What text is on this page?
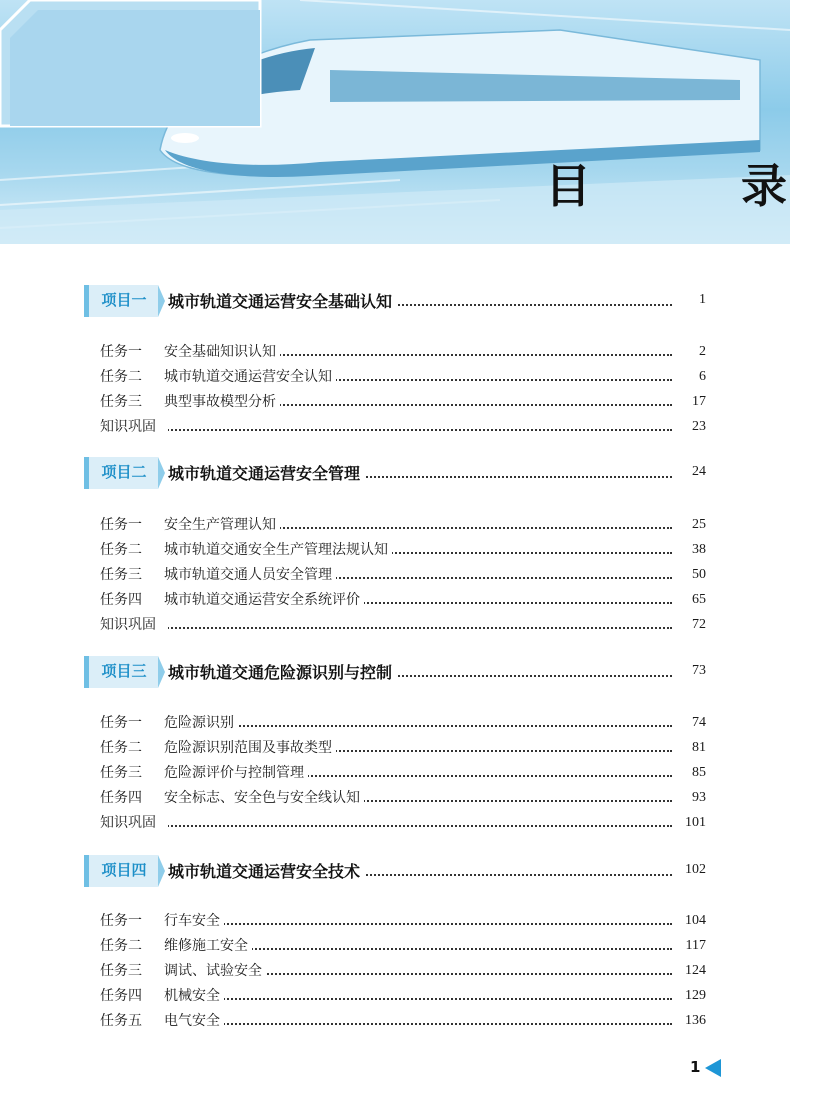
目　录
项目一	城市轨道交通运营安全基础认知	1
任务一 安全基础知识认知	2
任务二 城市轨道交通运营安全认知	6
任务三 典型事故模型分析	17
知识巩固	23
项目二	城市轨道交通运营安全管理	24
任务一 安全生产管理认知	25
任务二 城市轨道交通安全生产管理法规认知	38
任务三 城市轨道交通人员安全管理	50
任务四 城市轨道交通运营安全系统评价	65
知识巩固	72
项目三	城市轨道交通危险源识别与控制	73
任务一 危险源识别	74
任务二 危险源识别范围及事故类型	81
任务三 危险源评价与控制管理	85
任务四 安全标志、安全色与安全线认知	93
知识巩固	101
项目四	城市轨道交通运营安全技术	102
任务一 行车安全	104
任务二 维修施工安全	117
任务三 调试、试验安全	124
任务四 机械安全	129
任务五 电气安全	136
1
